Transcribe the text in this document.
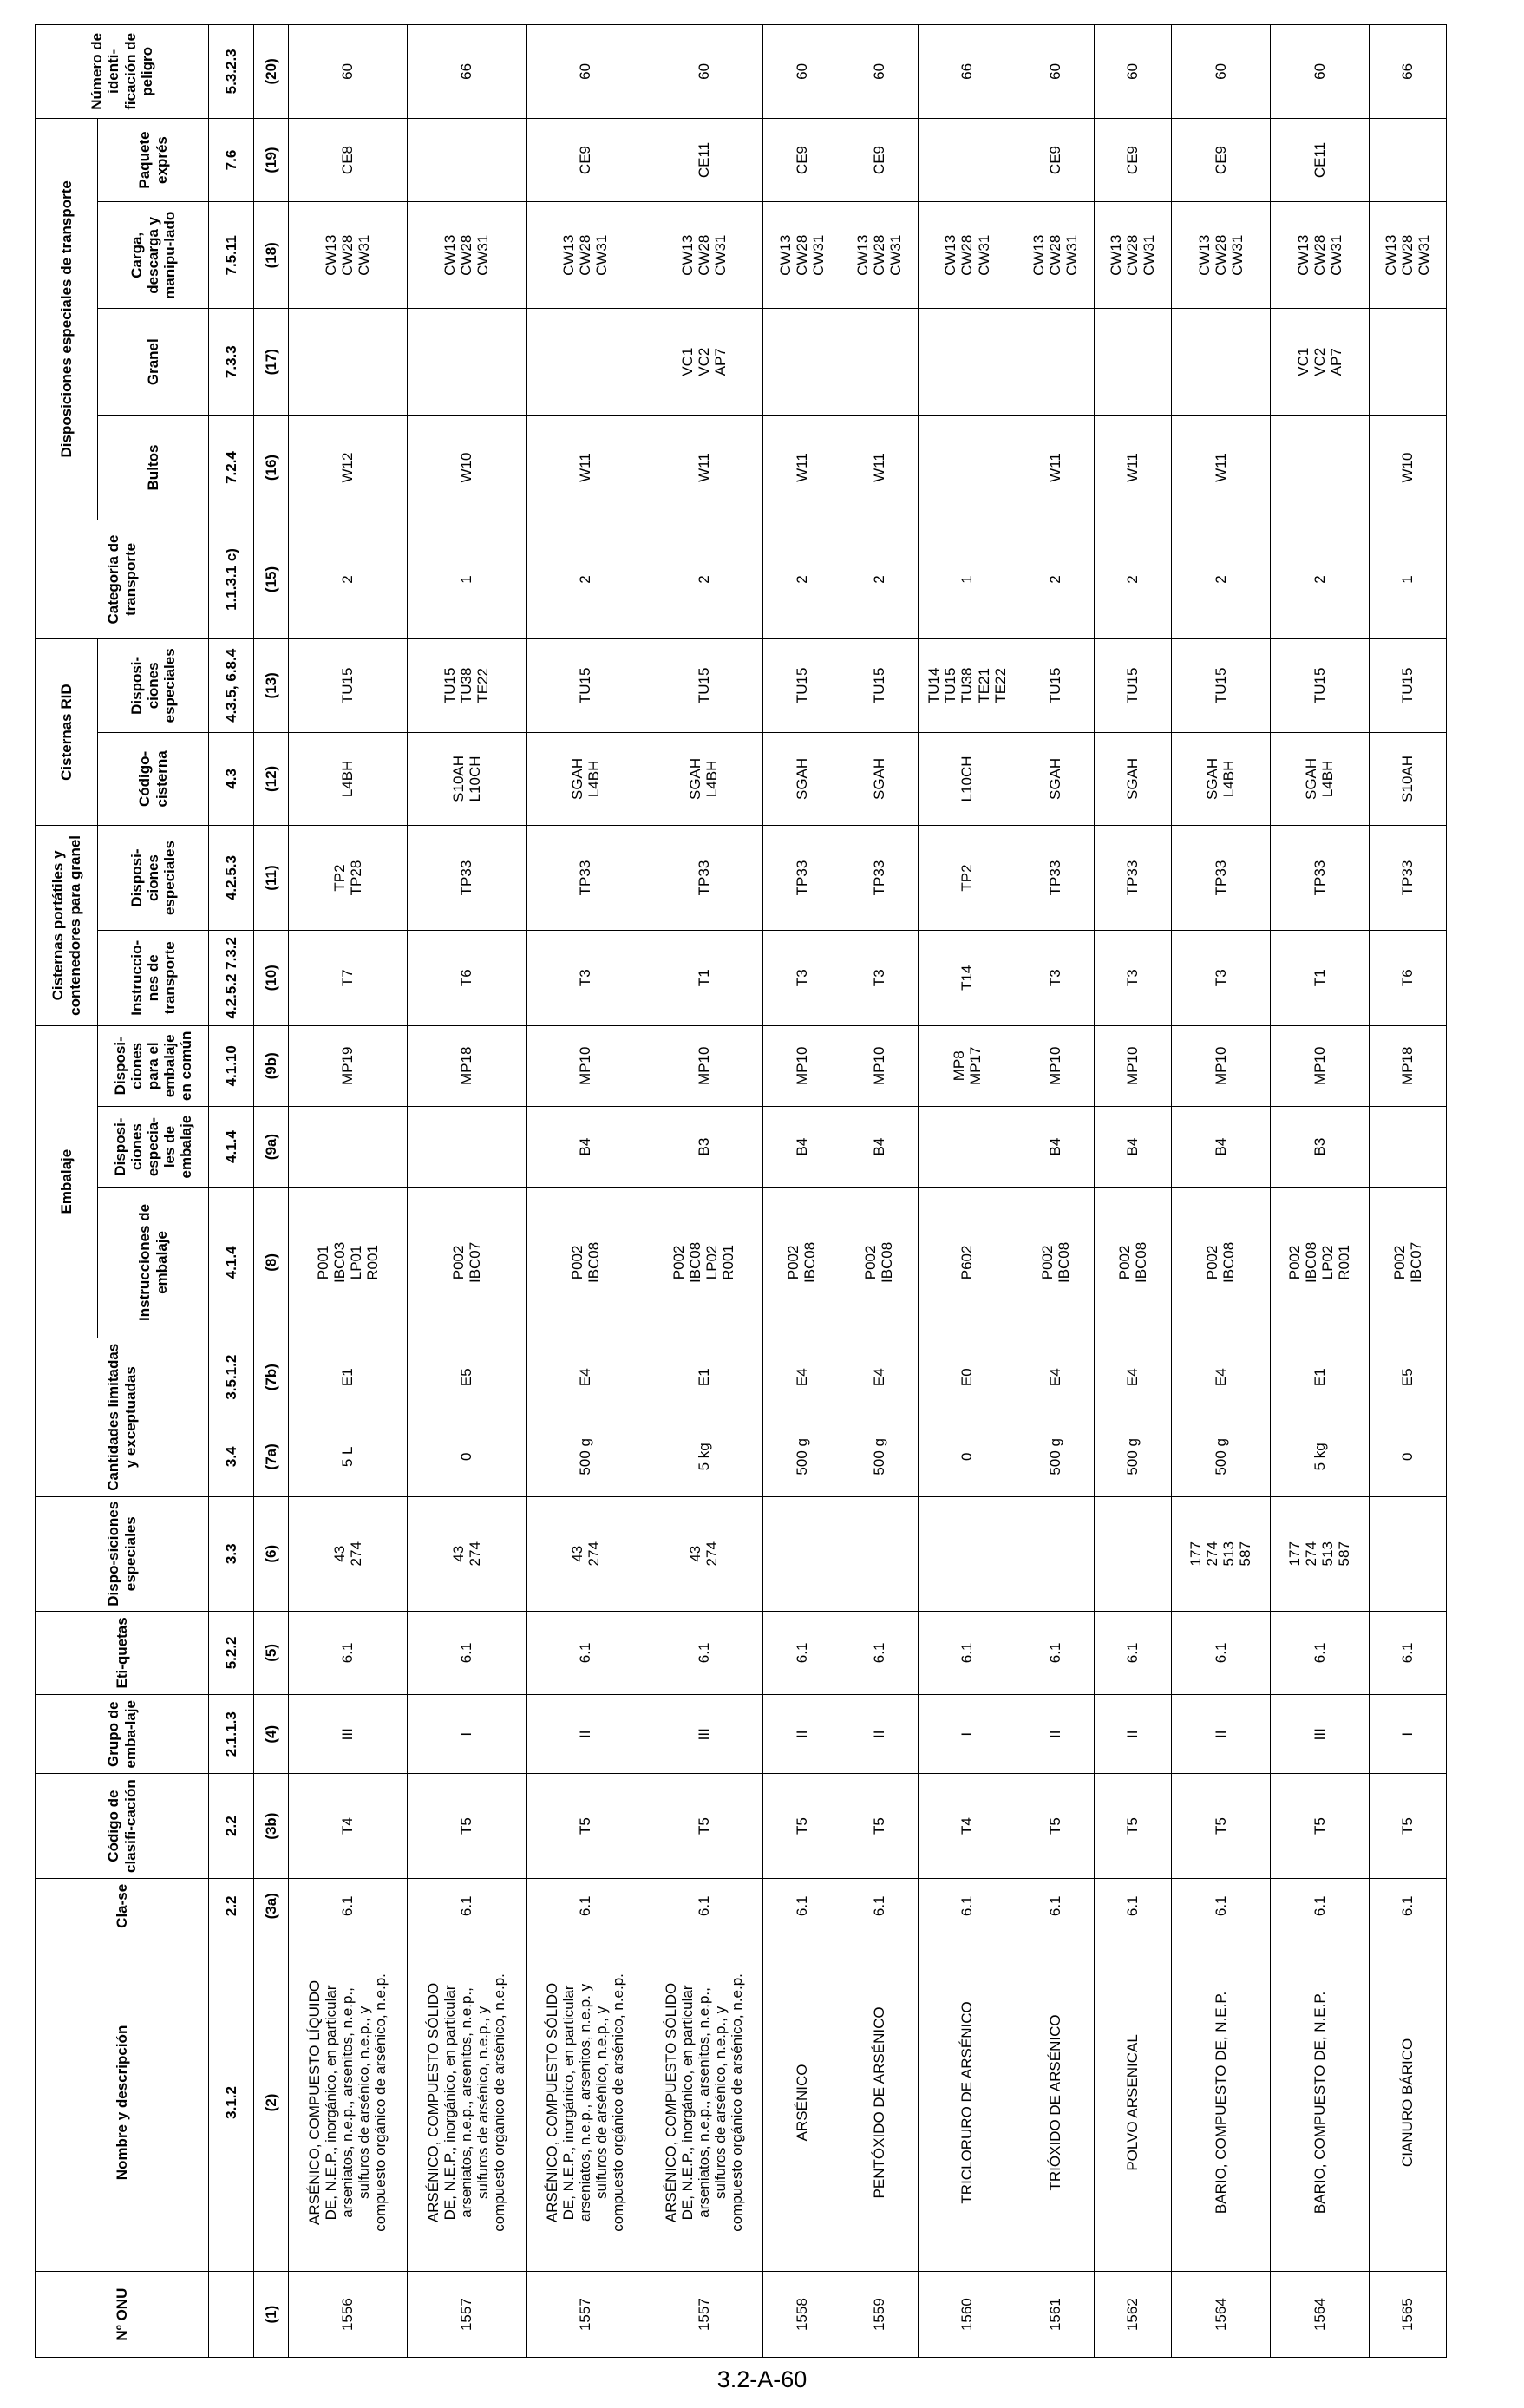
Nº ONU	Nombre y descripción	Cla-se	Código de clasifi-cación	Grupo de emba-laje	Eti-quetas	Dispo-siciones especiales	Cantidades limitadas y exceptuadas		Embalaje			Cisternas portátiles y contenedores para granel		Cisternas RID		Categoría de transporte	Disposiciones especiales de transporte				Número de identi-ficación de peligro
									Instrucciones de embalaje	Disposi-ciones especia-les de embalaje	Disposi-ciones para el embalaje en común	Instruccio-nes de transporte	Disposi-ciones especiales	Código-cisterna	Disposi-ciones especiales		Bultos	Granel	Carga, descarga y manipu-lado	Paquete exprés	
	3.1.2	2.2	2.2	2.1.1.3	5.2.2	3.3	3.4	3.5.1.2	4.1.4	4.1.4	4.1.10	4.2.5.2 7.3.2	4.2.5.3	4.3	4.3.5, 6.8.4	1.1.3.1 c)	7.2.4	7.3.3	7.5.11	7.6	5.3.2.3
(1)	(2)	(3a)	(3b)	(4)	(5)	(6)	(7a)	(7b)	(8)	(9a)	(9b)	(10)	(11)	(12)	(13)	(15)	(16)	(17)	(18)	(19)	(20)
1556	ARSÉNICO, COMPUESTO LÍQUIDO DE, N.E.P., inorgánico, en particular arseniatos, n.e.p., arsenitos, n.e.p., sulfuros de arsénico, n.e.p., y compuesto orgánico de arsénico, n.e.p.	6.1	T4	III	6.1	43 274	5 L	E1	P001 IBC03 LP01 R001		MP19	T7	TP2 TP28	L4BH	TU15	2	W12		CW13 CW28 CW31	CE8	60
1557	ARSÉNICO, COMPUESTO SÓLIDO DE, N.E.P., inorgánico, en particular arseniatos, n.e.p., arsenitos, n.e.p., sulfuros de arsénico, n.e.p., y compuesto orgánico de arsénico, n.e.p.	6.1	T5	I	6.1	43 274	0	E5	P002 IBC07		MP18	T6	TP33	S10AH L10CH	TU15 TU38 TE22	1	W10		CW13 CW28 CW31		66
1557	ARSÉNICO, COMPUESTO SÓLIDO DE, N.E.P., inorgánico, en particular arseniatos, n.e.p., arsenitos, n.e.p. y sulfuros de arsénico, n.e.p., y compuesto orgánico de arsénico, n.e.p.	6.1	T5	II	6.1	43 274	500 g	E4	P002 IBC08	B4	MP10	T3	TP33	SGAH L4BH	TU15	2	W11		CW13 CW28 CW31	CE9	60
1557	ARSÉNICO, COMPUESTO SÓLIDO DE, N.E.P., inorgánico, en particular arseniatos, n.e.p., arsenitos, n.e.p., sulfuros de arsénico, n.e.p., y compuesto orgánico de arsénico, n.e.p.	6.1	T5	III	6.1	43 274	5 kg	E1	P002 IBC08 LP02 R001	B3	MP10	T1	TP33	SGAH L4BH	TU15	2	W11	VC1 VC2 AP7	CW13 CW28 CW31	CE11	60
1558	ARSÉNICO	6.1	T5	II	6.1		500 g	E4	P002 IBC08	B4	MP10	T3	TP33	SGAH	TU15	2	W11		CW13 CW28 CW31	CE9	60
1559	PENTÓXIDO DE ARSÉNICO	6.1	T5	II	6.1		500 g	E4	P002 IBC08	B4	MP10	T3	TP33	SGAH	TU15	2	W11		CW13 CW28 CW31	CE9	60
1560	TRICLORURO DE ARSÉNICO	6.1	T4	I	6.1		0	E0	P602		MP8 MP17	T14	TP2	L10CH	TU14 TU15 TU38 TE21 TE22	1			CW13 CW28 CW31		66
1561	TRIÓXIDO DE ARSÉNICO	6.1	T5	II	6.1		500 g	E4	P002 IBC08	B4	MP10	T3	TP33	SGAH	TU15	2	W11		CW13 CW28 CW31	CE9	60
1562	POLVO ARSENICAL	6.1	T5	II	6.1		500 g	E4	P002 IBC08	B4	MP10	T3	TP33	SGAH	TU15	2	W11		CW13 CW28 CW31	CE9	60
1564	BARIO, COMPUESTO DE, N.E.P.	6.1	T5	II	6.1	177 274 513 587	500 g	E4	P002 IBC08	B4	MP10	T3	TP33	SGAH L4BH	TU15	2	W11		CW13 CW28 CW31	CE9	60
1564	BARIO, COMPUESTO DE, N.E.P.	6.1	T5	III	6.1	177 274 513 587	5 kg	E1	P002 IBC08 LP02 R001	B3	MP10	T1	TP33	SGAH L4BH	TU15	2		VC1 VC2 AP7	CW13 CW28 CW31	CE11	60
1565	CIANURO BÁRICO	6.1	T5	I	6.1		0	E5	P002 IBC07		MP18	T6	TP33	S10AH	TU15	1	W10		CW13 CW28 CW31		66
3.2-A-60
